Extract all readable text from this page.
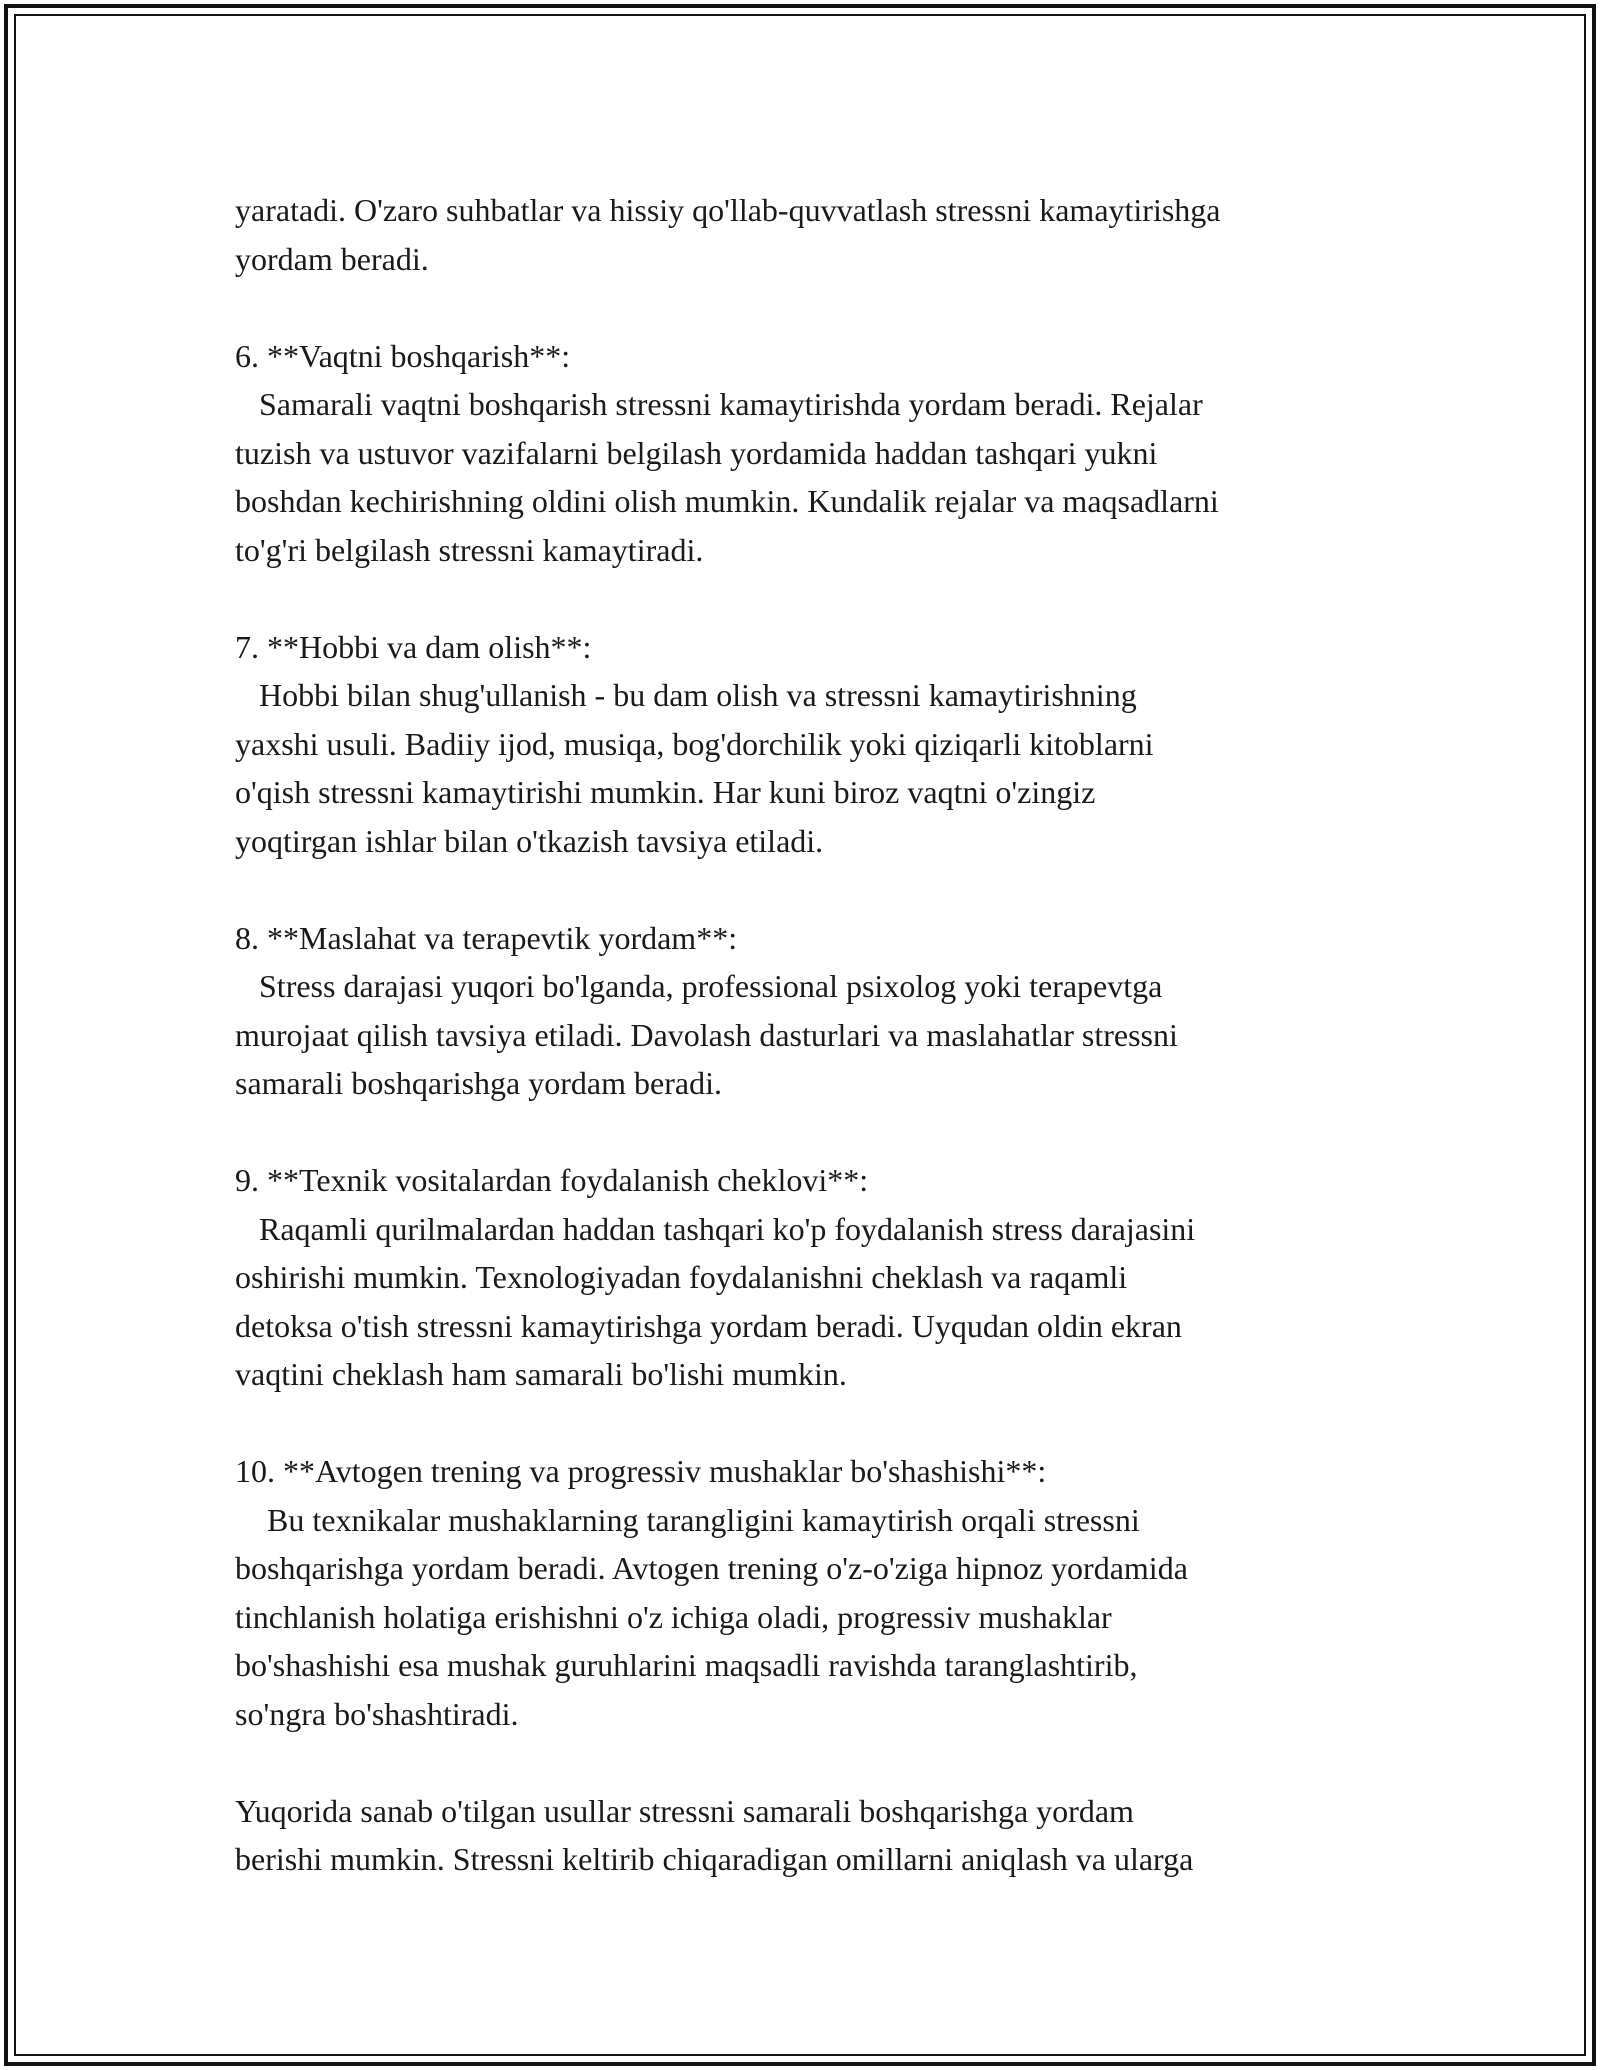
yaratadi. O'zaro suhbatlar va hissiy qo'llab-quvvatlash stressni kamaytirishga
yordam beradi.
6. **Vaqtni boshqarish**:
Samarali vaqtni boshqarish stressni kamaytirishda yordam beradi. Rejalar
tuzish va ustuvor vazifalarni belgilash yordamida haddan tashqari yukni
boshdan kechirishning oldini olish mumkin. Kundalik rejalar va maqsadlarni
to'g'ri belgilash stressni kamaytiradi.
7. **Hobbi va dam olish**:
Hobbi bilan shug'ullanish - bu dam olish va stressni kamaytirishning
yaxshi usuli. Badiiy ijod, musiqa, bog'dorchilik yoki qiziqarli kitoblarni
o'qish stressni kamaytirishi mumkin. Har kuni biroz vaqtni o'zingiz
yoqtirgan ishlar bilan o'tkazish tavsiya etiladi.
8. **Maslahat va terapevtik yordam**:
Stress darajasi yuqori bo'lganda, professional psixolog yoki terapevtga
murojaat qilish tavsiya etiladi. Davolash dasturlari va maslahatlar stressni
samarali boshqarishga yordam beradi.
9. **Texnik vositalardan foydalanish cheklovi**:
Raqamli qurilmalardan haddan tashqari ko'p foydalanish stress darajasini
oshirishi mumkin. Texnologiyadan foydalanishni cheklash va raqamli
detoksa o'tish stressni kamaytirishga yordam beradi. Uyqudan oldin ekran
vaqtini cheklash ham samarali bo'lishi mumkin.
10. **Avtogen trening va progressiv mushaklar bo'shashishi**:
Bu texnikalar mushaklarning tarangligini kamaytirish orqali stressni
boshqarishga yordam beradi. Avtogen trening o'z-o'ziga hipnoz yordamida
tinchlanish holatiga erishishni o'z ichiga oladi, progressiv mushaklar
bo'shashishi esa mushak guruhlarini maqsadli ravishda taranglashtirib,
so'ngra bo'shashtiradi.
Yuqorida sanab o'tilgan usullar stressni samarali boshqarishga yordam
berishi mumkin. Stressni keltirib chiqaradigan omillarni aniqlash va ularga
